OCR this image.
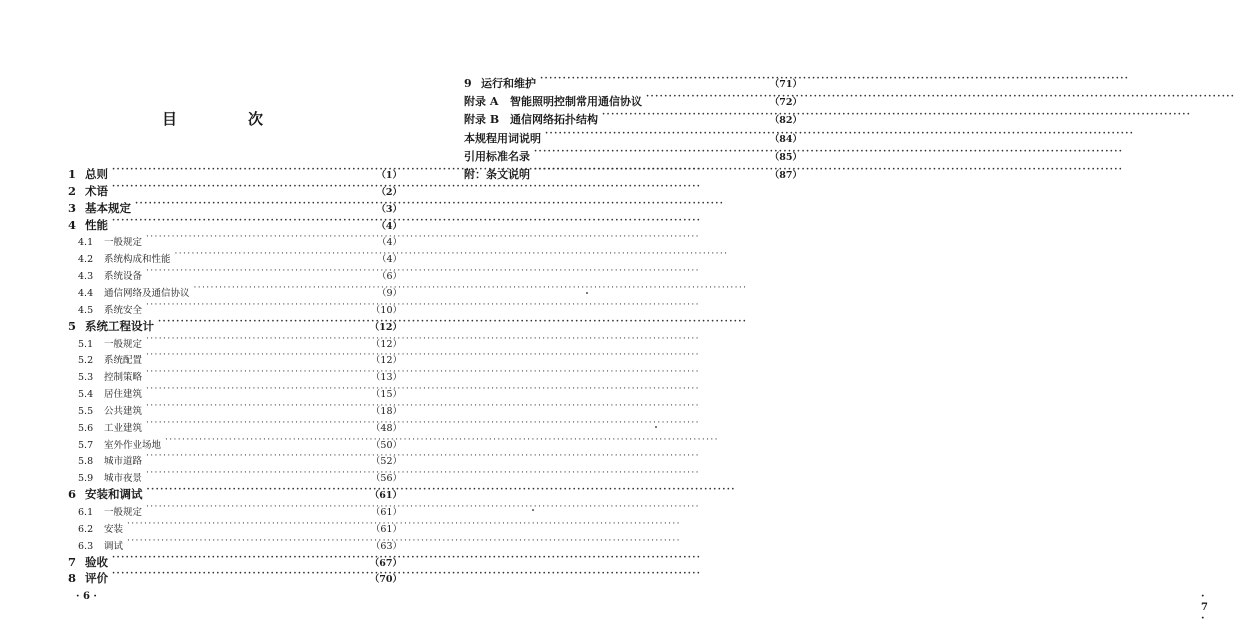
目　次
1 总则 ·····	（1）
2 术语 ·····	（2）
3 基本规定 ·····	（3）
4 性能 ·····	（4）
4.1	一般规定 ·····	（4）
4.2	系统构成和性能 ·····	（4）
4.3	系统设备 ·····	（6）
4.4	通信网络及通信协议 ·····	（9）
4.5	系统安全 ·····	（10）
5 系统工程设计 ·····	（12）
5.1	一般规定 ·····	（12）
5.2	系统配置 ·····	（12）
5.3	控制策略 ·····	（13）
5.4	居住建筑 ·····	（15）
5.5	公共建筑 ·····	（18）
5.6	工业建筑 ·····	（48）
5.7	室外作业场地 ·····	（50）
5.8	城市道路 ·····	（52）
5.9	城市夜景 ·····	（56）
6 安装和调试 ·····	（61）
6.1	一般规定 ·····	（61）
6.2	安装 ·····	（61）
6.3	调试 ·····	（63）
7 验收 ·····	（67）
8 评价 ·····	（70）
· 6 ·
9 运行和维护 ·····	（71）
附录 A	智能照明控制常用通信协议 ·····	（72）
附录 B 通信网络拓扑结构 ·····	（82）
本规程用词说明 ·····	（84）
引用标准名录 ·····	（85）
附：条文说明 ·····	（87）
· 7 ·
